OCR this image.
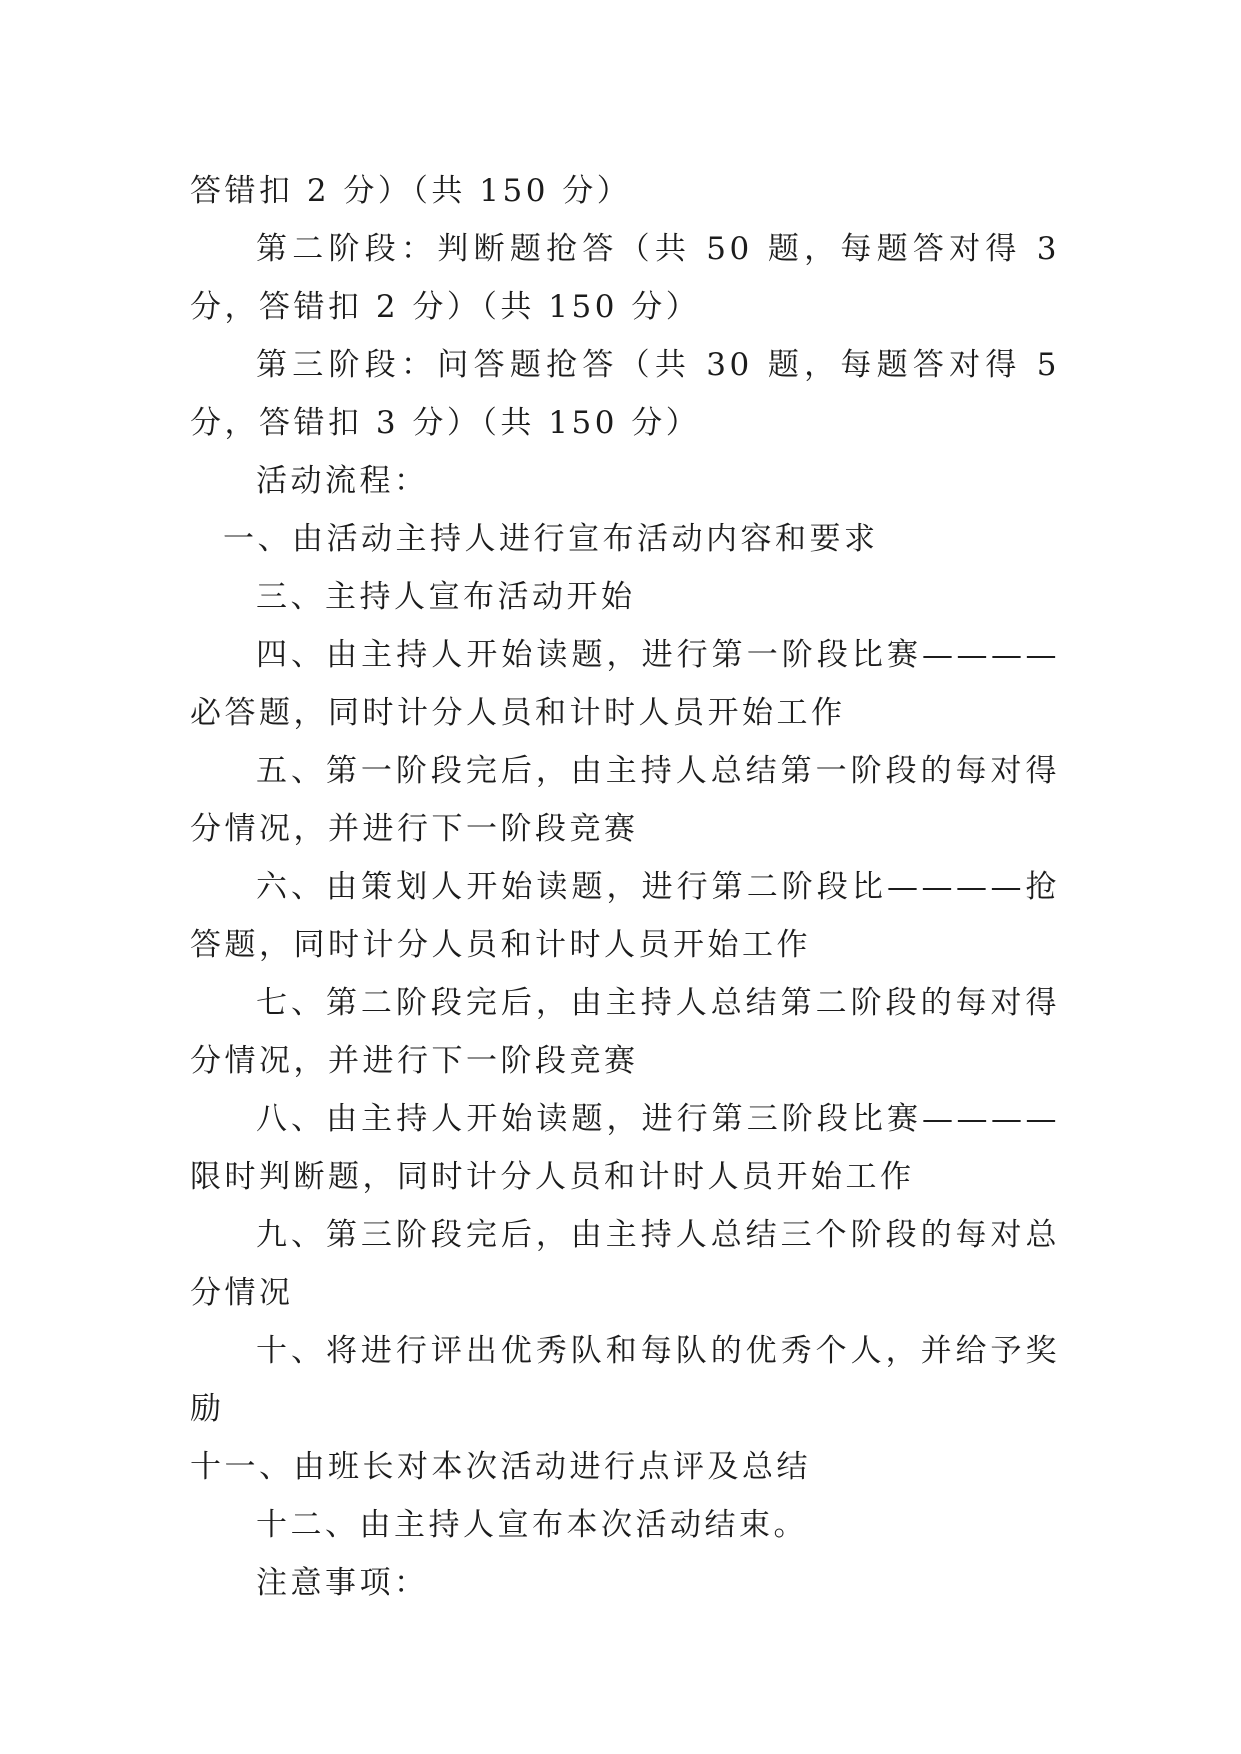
答错扣 2 分）（共 150 分）

第二阶段：判断题抢答（共 50 题，每题答对得 3 分，答错扣 2 分）（共 150 分）

第三阶段：问答题抢答（共 30 题，每题答对得 5 分，答错扣 3 分）（共 150 分）

活动流程：

一、由活动主持人进行宣布活动内容和要求

三、主持人宣布活动开始

四、由主持人开始读题，进行第一阶段比赛————必答题，同时计分人员和计时人员开始工作

五、第一阶段完后，由主持人总结第一阶段的每对得分情况，并进行下一阶段竞赛

六、由策划人开始读题，进行第二阶段比————抢答题，同时计分人员和计时人员开始工作

七、第二阶段完后，由主持人总结第二阶段的每对得分情况，并进行下一阶段竞赛

八、由主持人开始读题，进行第三阶段比赛————限时判断题，同时计分人员和计时人员开始工作

九、第三阶段完后，由主持人总结三个阶段的每对总分情况

十、将进行评出优秀队和每队的优秀个人，并给予奖励

十一、由班长对本次活动进行点评及总结

十二、由主持人宣布本次活动结束。

注意事项：
